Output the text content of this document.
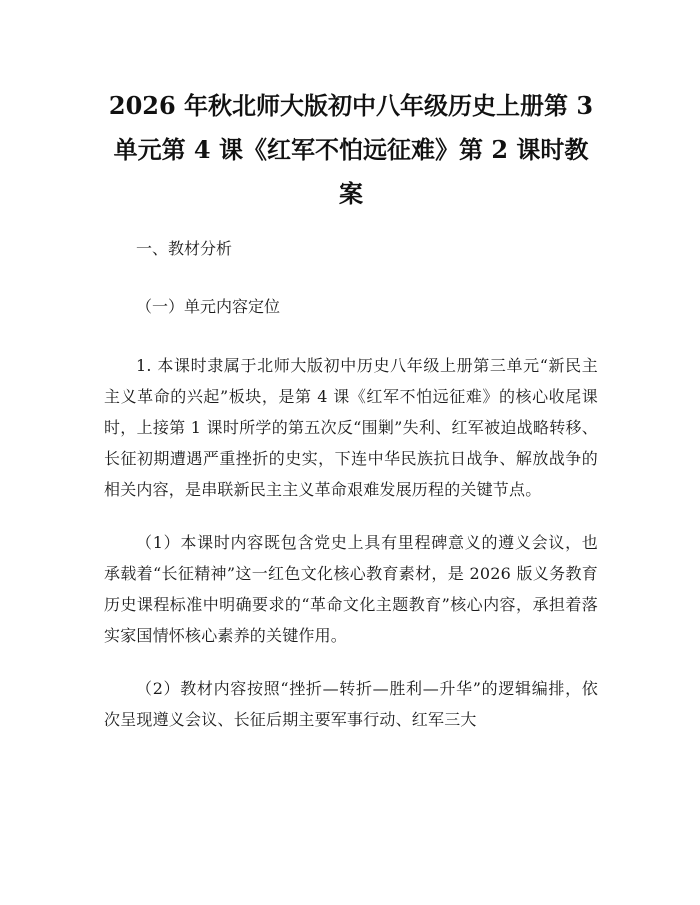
2026 年秋北师大版初中八年级历史上册第 3
单元第 4 课《红军不怕远征难》第 2 课时教
案

一、教材分析

（一）单元内容定位

1. 本课时隶属于北师大版初中历史八年级上册第三单元“新民主主义革命的兴起”板块，是第 4 课《红军不怕远征难》的核心收尾课时，上接第 1 课时所学的第五次反“围剿”失利、红军被迫战略转移、长征初期遭遇严重挫折的史实，下连中华民族抗日战争、解放战争的相关内容，是串联新民主主义革命艰难发展历程的关键节点。

（1）本课时内容既包含党史上具有里程碑意义的遵义会议，也承载着“长征精神”这一红色文化核心教育素材，是 2026 版义务教育历史课程标准中明确要求的“革命文化主题教育”核心内容，承担着落实家国情怀核心素养的关键作用。

（2）教材内容按照“挫折—转折—胜利—升华”的逻辑编排，依次呈现遵义会议、长征后期主要军事行动、红军三大
